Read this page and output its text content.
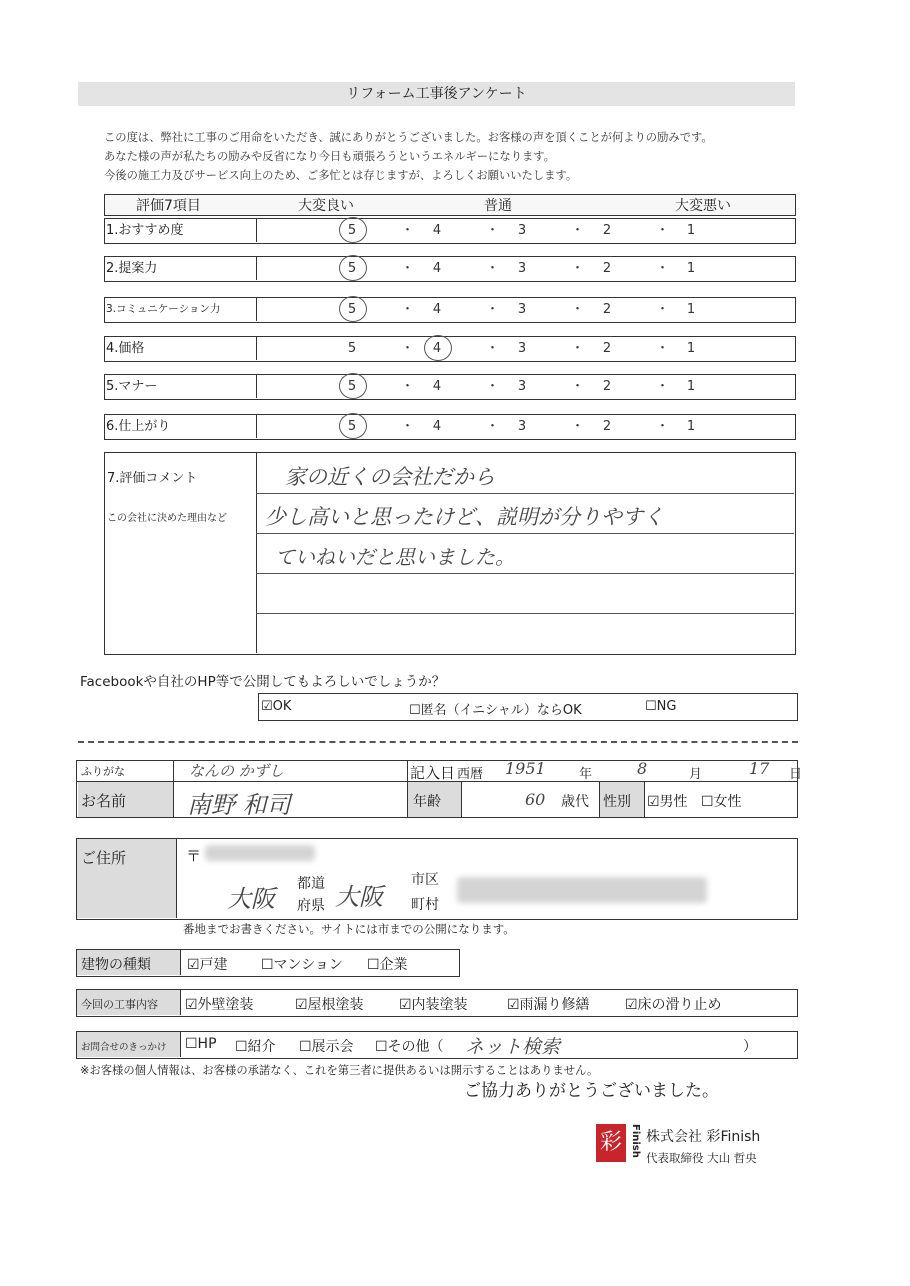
リフォーム工事後アンケート
この度は、弊社に工事のご用命をいただき、誠にありがとうございました。お客様の声を頂くことが何よりの励みです。
あなた様の声が私たちの励みや反省になり今日も頑張ろうというエネルギーになります。
今後の施工力及びサービス向上のため、ご多忙とは存じますが、よろしくお願いいたします。
評価7項目	大変良い	普通	大変悪い
1.おすすめ度	5	4	3	2	1
・	・	・	・
2.提案力	5	4	3	2	1
・	・	・	・
3.コミュニケーション力	5	4	3	2	1
・	・	・	・
4.価格	5	4	3	2	1
・	・	・	・
5.マナー	5	4	3	2	1
・	・	・	・
6.仕上がり	5	4	3	2	1
・	・	・	・
7.評価コメント
この会社に決めた理由など
家の近くの会社だから
少し高いと思ったけど、説明が分りやすく
ていねいだと思いました。
Facebookや自社のHP等で公開してもよろしいでしょうか？
☑OK	☐匿名（イニシャル）ならOK	☐NG
ふりがな	なんの かずし
お名前	南野 和司
記入日 西暦 1951	年	8	月	17 日
年齢	60 歳代 性別 ☑男性 ☐女性
ご住所	〒
大阪
都道
府県 大阪
市区
町村
番地までお書きください。サイトには市までの公開になります。
建物の種類	☑戸建 ☐マンション ☐企業
今回の工事内容 ☑外壁塗装	☑屋根塗装	☑内装塗装	☑雨漏り修繕	☑床の滑り止め
お問合せのきっかけ ☐HP ☐紹介 ☐展示会 ☐その他（ ネット検索	）
※お客様の個人情報は、お客様の承諾なく、これを第三者に提供あるいは開示することはありません。
ご協力ありがとうございました。
彩 Finish 株式会社 彩Finish
代表取締役 大山 哲央
